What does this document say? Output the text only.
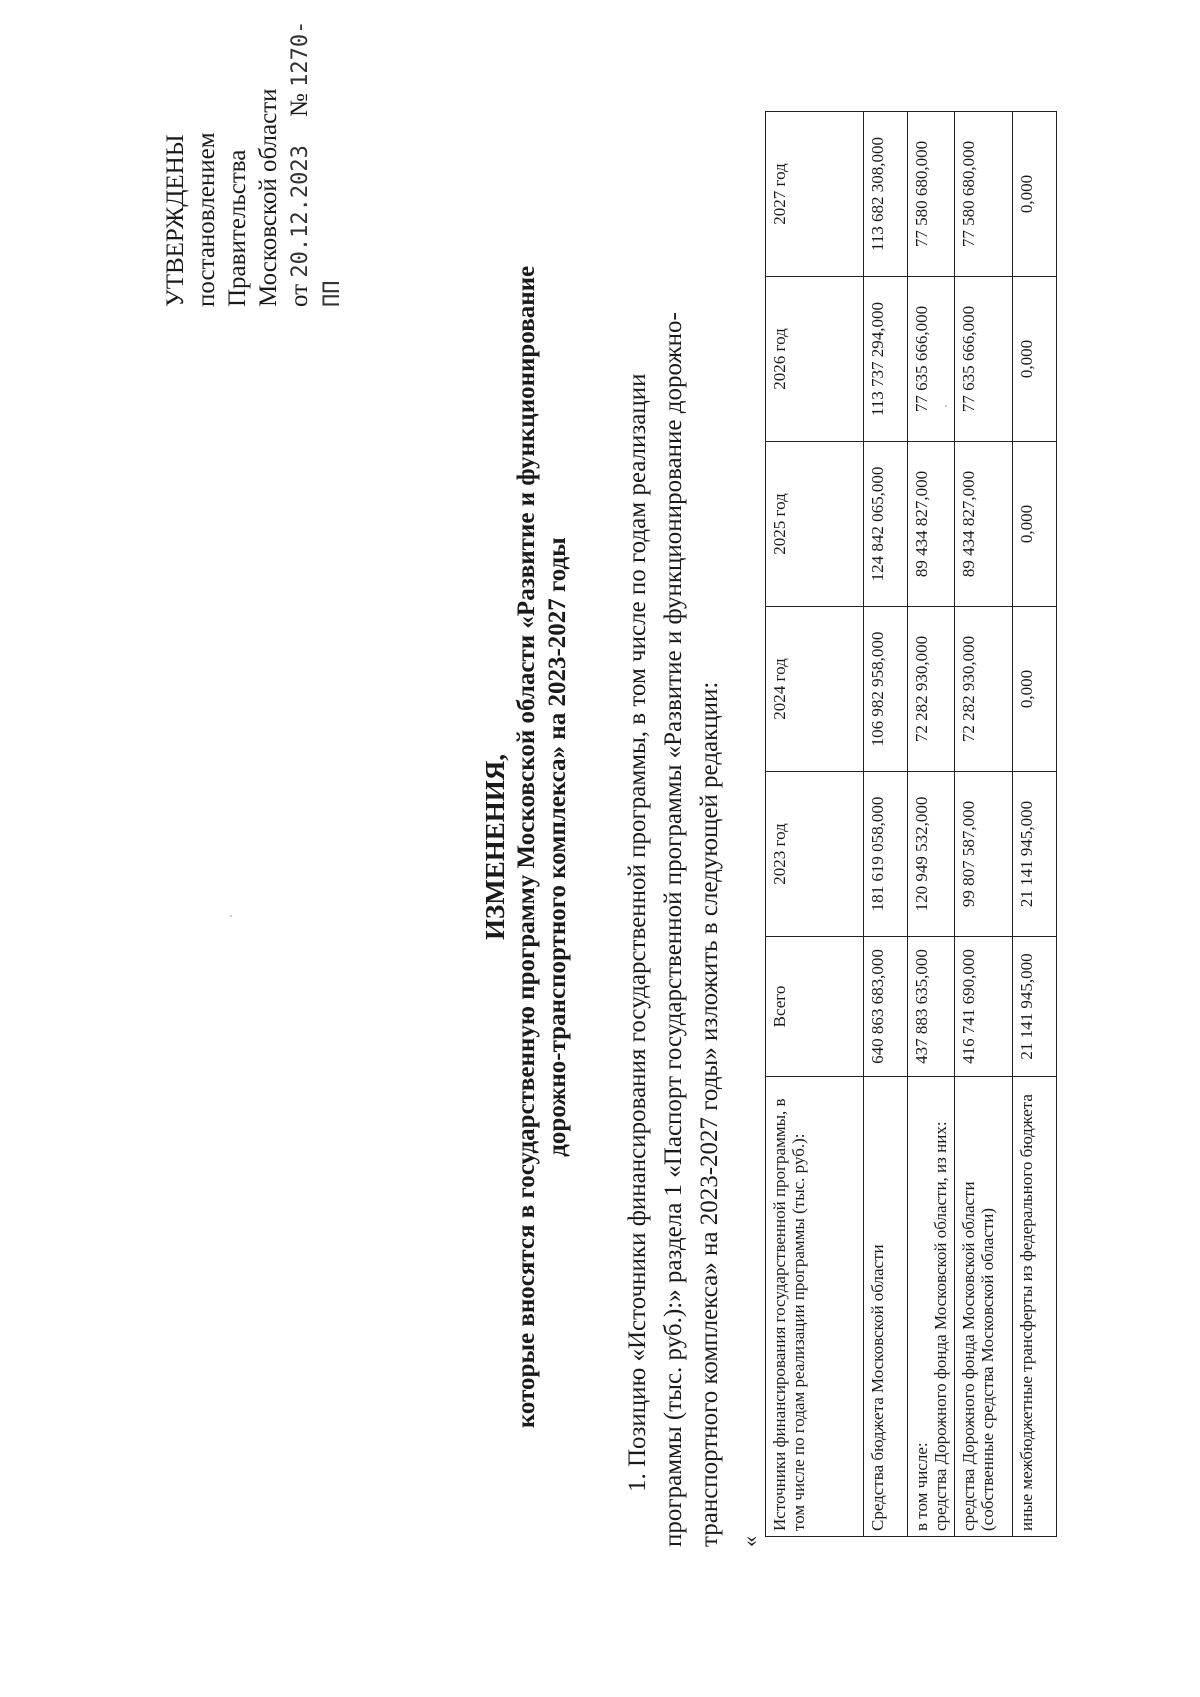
УТВЕРЖДЕНЫ постановлением Правительства Московской области от 20.12.2023 № 1270-ПП
ИЗМЕНЕНИЯ, которые вносятся в государственную программу Московской области «Развитие и функционирование дорожно-транспортного комплекса» на 2023-2027 годы 1. Позицию «Источники финансирования государственной программы, в том числе по годам реализации программы (тыс. руб.):» раздела 1 «Паспорт государственной программы «Развитие и функционирование дорожно- транспортного комплекса» на 2023-2027 годы» изложить в следующей редакции: «
Источники финансирования государственной программы, в том числе по годам реализации программы (тыс. руб.):	Всего	2023 год	2024 год	2025 год	2026 год	2027 год
Средства бюджета Московской области	640 863 683,000	181 619 058,000	106 982 958,000	124 842 065,000	113 737 294,000	113 682 308,000
в том числе:
средства Дорожного фонда Московской области, из них:	437 883 635,000	120 949 532,000	72 282 930,000	89 434 827,000	77 635 666,000	77 580 680,000
средства Дорожного фонда Московской области (собственные средства Московской области)	416 741 690,000	99 807 587,000	72 282 930,000	89 434 827,000	77 635 666,000	77 580 680,000
иные межбюджетные трансферты из федерального бюджета	21 141 945,000	21 141 945,000	0,000	0,000	0,000	0,000
